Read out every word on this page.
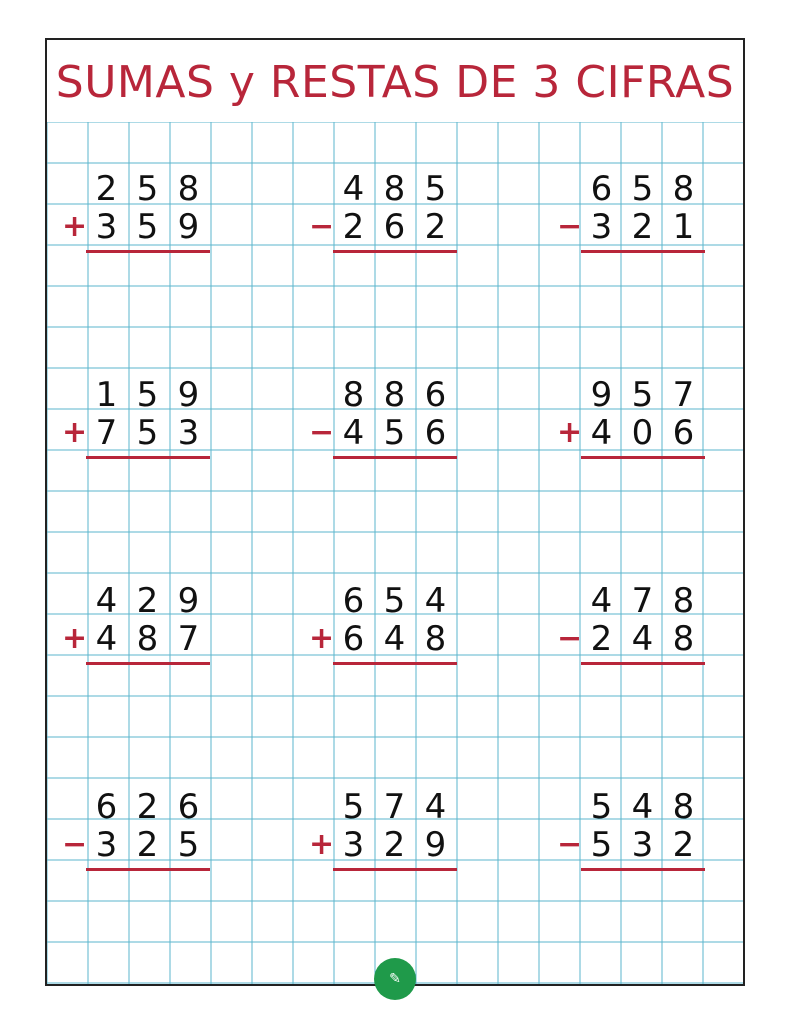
SUMAS y RESTAS DE 3 CIFRAS
2 5 8
3 5 9
+
4 8 5
2 6 2
−
6 5 8
3 2 1
−
1 5 9
7 5 3
+
8 8 6
4 5 6
−
9 5 7
4 0 6
+
4 2 9
4 8 7
+
6 5 4
6 4 8
+
4 7 8
2 4 8
−
6 2 6
3 2 5
−
5 7 4
3 2 9
+
5 4 8
5 3 2
−
✎
